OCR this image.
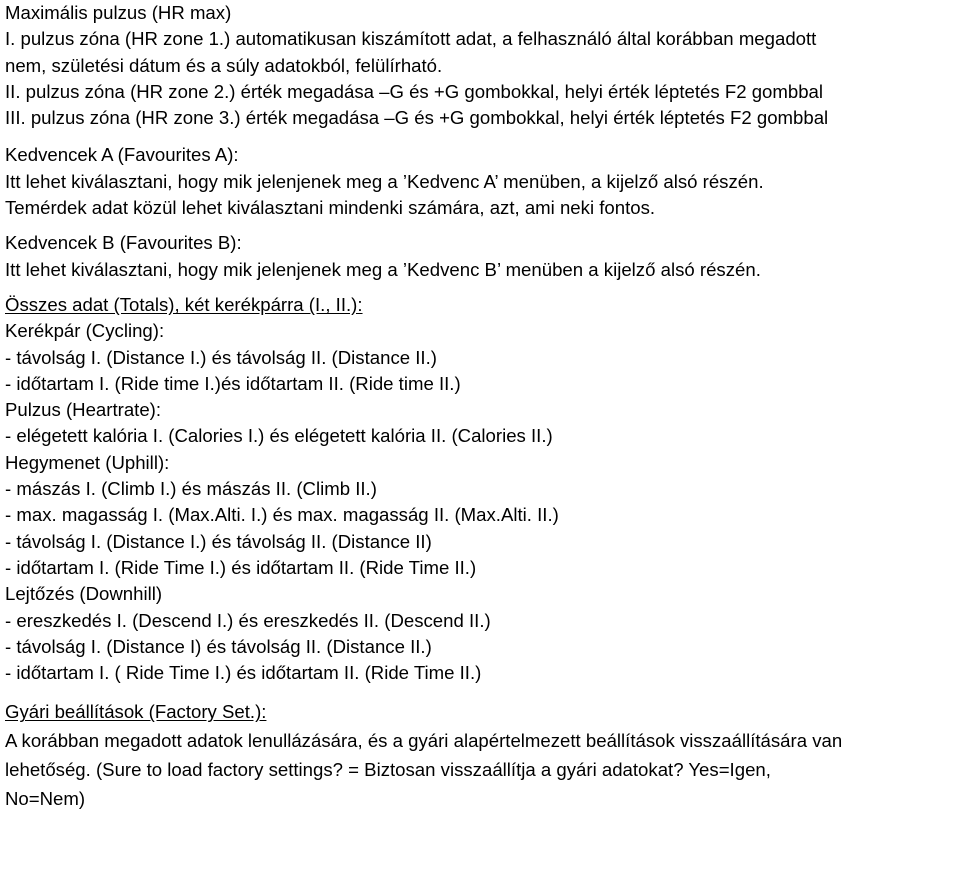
Maximális pulzus (HR max)
I. pulzus zóna (HR zone 1.) automatikusan kiszámított adat, a felhasználó által korábban megadott
nem, születési dátum és a súly adatokból, felülírható.
II. pulzus zóna (HR zone 2.) érték megadása –G és +G gombokkal, helyi érték léptetés F2 gombbal
III. pulzus zóna (HR zone 3.) érték megadása –G és +G gombokkal, helyi érték léptetés F2 gombbal
Kedvencek A (Favourites A):
Itt lehet kiválasztani, hogy mik jelenjenek meg a ’Kedvenc A’ menüben, a kijelző alsó részén.
Temérdek adat közül lehet kiválasztani mindenki számára, azt, ami neki fontos.
Kedvencek B (Favourites B):
Itt lehet kiválasztani, hogy mik jelenjenek meg a ’Kedvenc B’ menüben a kijelző alsó részén.
Összes adat (Totals), két kerékpárra (I., II.):
Kerékpár (Cycling):
- távolság I. (Distance I.) és távolság II. (Distance II.)
- időtartam I. (Ride time I.)és időtartam II. (Ride time II.)
Pulzus (Heartrate):
- elégetett kalória I. (Calories I.) és elégetett kalória II. (Calories II.)
Hegymenet (Uphill):
- mászás I. (Climb I.) és mászás II. (Climb II.)
- max. magasság I. (Max.Alti. I.) és max. magasság II. (Max.Alti. II.)
- távolság I. (Distance I.) és távolság II. (Distance II)
- időtartam I. (Ride Time I.) és időtartam II. (Ride Time II.)
Lejtőzés (Downhill)
- ereszkedés I. (Descend I.) és ereszkedés II. (Descend II.)
- távolság I. (Distance I) és távolság II. (Distance II.)
- időtartam I. ( Ride Time I.) és időtartam II. (Ride Time II.)
Gyári beállítások (Factory Set.):
A korábban megadott adatok lenullázására, és a gyári alapértelmezett beállítások visszaállítására van
lehetőség. (Sure to load factory settings? = Biztosan visszaállítja a gyári adatokat? Yes=Igen,
No=Nem)
